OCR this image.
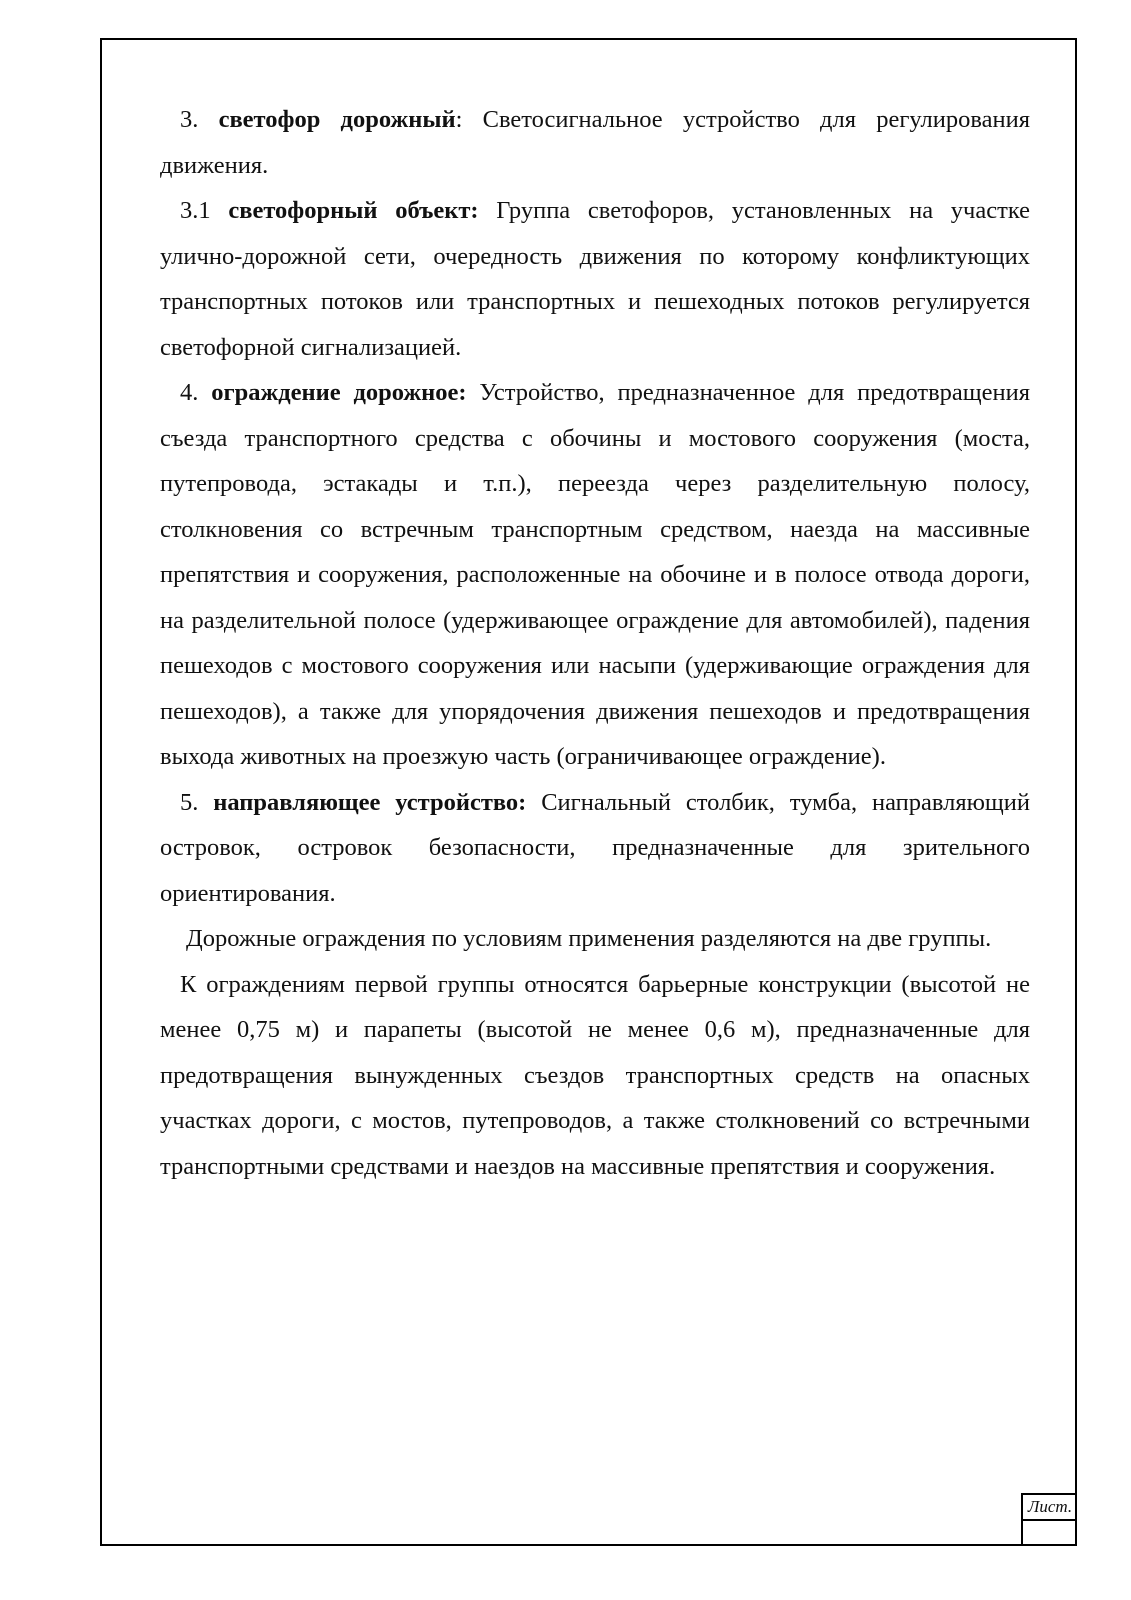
3. светофор дорожный: Светосигнальное устройство для регулирования движения.

3.1 светофорный объект: Группа светофоров, установленных на участке улично-дорожной сети, очередность движения по которому конфликтующих транспортных потоков или транспортных и пешеходных потоков регулируется светофорной сигнализацией.

4. ограждение дорожное: Устройство, предназначенное для предотвращения съезда транспортного средства с обочины и мостового сооружения (моста, путепровода, эстакады и т.п.), переезда через разделительную полосу, столкновения со встречным транспортным средством, наезда на массивные препятствия и сооружения, расположенные на обочине и в полосе отвода дороги, на разделительной полосе (удерживающее ограждение для автомобилей), падения пешеходов с мостового сооружения или насыпи (удерживающие ограждения для пешеходов), а также для упорядочения движения пешеходов и предотвращения выхода животных на проезжую часть (ограничивающее ограждение).

5. направляющее устройство: Сигнальный столбик, тумба, направляющий островок, островок безопасности, предназначенные для зрительного ориентирования.

Дорожные ограждения по условиям применения разделяются на две группы.

К ограждениям первой группы относятся барьерные конструкции (высотой не менее 0,75 м) и парапеты (высотой не менее 0,6 м), предназначенные для предотвращения вынужденных съездов транспортных средств на опасных участках дороги, с мостов, путепроводов, а также столкновений со встречными транспортными средствами и наездов на массивные препятствия и сооружения.

Лист.
